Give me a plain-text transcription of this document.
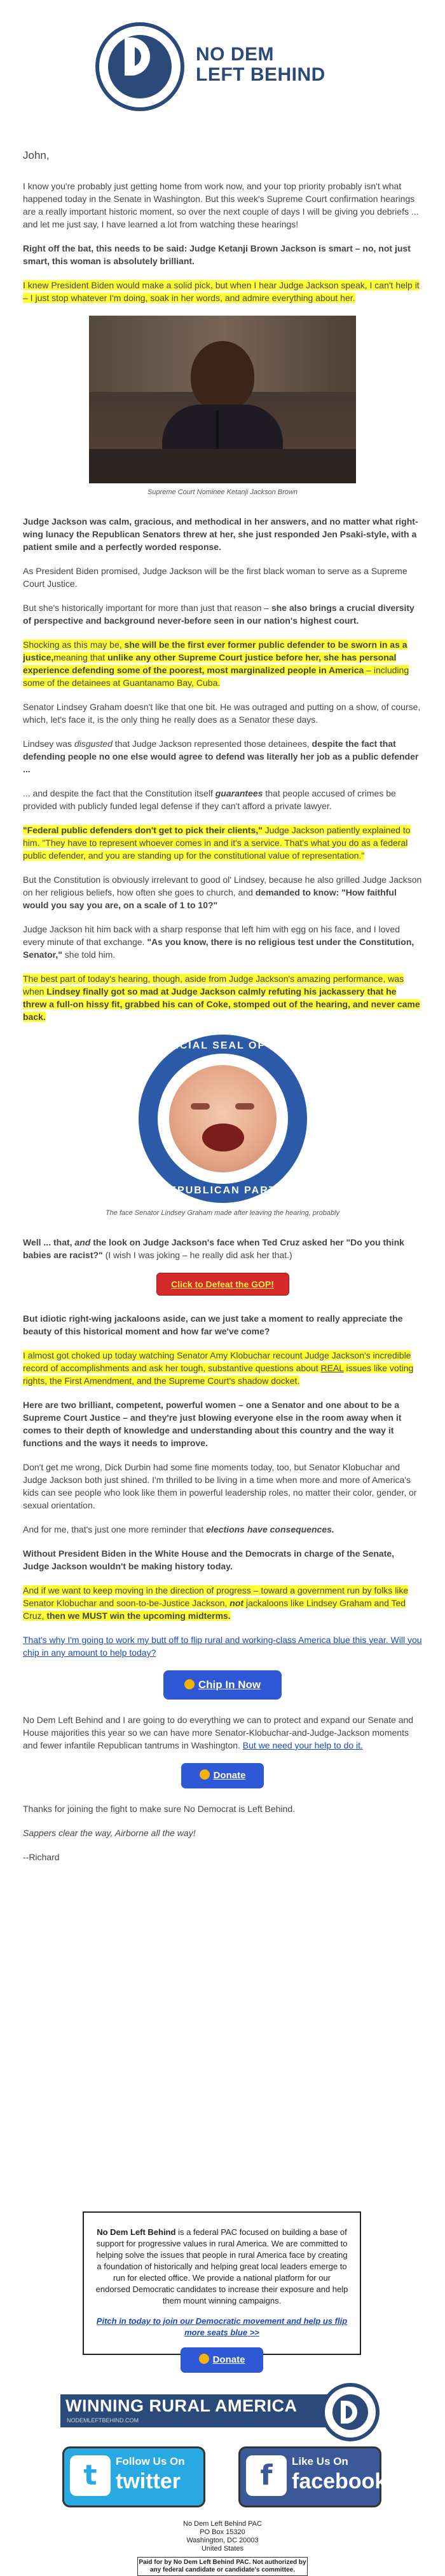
NO DEM
LEFT BEHIND
John,

I know you're probably just getting home from work now, and your top priority probably isn't what happened today in the Senate in Washington. But this week's Supreme Court confirmation hearings are a really important historic moment, so over the next couple of days I will be giving you debriefs ... and let me just say, I have learned a lot from watching these hearings!

Right off the bat, this needs to be said: Judge Ketanji Brown Jackson is smart – no, not just smart, this woman is absolutely brilliant.

I knew President Biden would make a solid pick, but when I hear Judge Jackson speak, I can't help it – I just stop whatever I'm doing, soak in her words, and admire everything about her.

Supreme Court Nominee Ketanji Jackson Brown

Judge Jackson was calm, gracious, and methodical in her answers, and no matter what right-wing lunacy the Republican Senators threw at her, she just responded Jen Psaki-style, with a patient smile and a perfectly worded response.

As President Biden promised, Judge Jackson will be the first black woman to serve as a Supreme Court Justice.

But she's historically important for more than just that reason – she also brings a crucial diversity of perspective and background never-before seen in our nation's highest court.

Shocking as this may be, she will be the first ever former public defender to be sworn in as a justice,meaning that unlike any other Supreme Court justice before her, she has personal experience defending some of the poorest, most marginalized people in America – including some of the detainees at Guantanamo Bay, Cuba.

Senator Lindsey Graham doesn't like that one bit. He was outraged and putting on a show, of course, which, let's face it, is the only thing he really does as a Senator these days.

Lindsey was disgusted that Judge Jackson represented those detainees, despite the fact that defending people no one else would agree to defend was literally her job as a public defender ...

... and despite the fact that the Constitution itself guarantees that people accused of crimes be provided with publicly funded legal defense if they can't afford a private lawyer.

"Federal public defenders don't get to pick their clients," Judge Jackson patiently explained to him. "They have to represent whoever comes in and it's a service. That's what you do as a federal public defender, and you are standing up for the constitutional value of representation."

But the Constitution is obviously irrelevant to good ol' Lindsey, because he also grilled Judge Jackson on her religious beliefs, how often she goes to church, and demanded to know: "How faithful would you say you are, on a scale of 1 to 10?"

Judge Jackson hit him back with a sharp response that left him with egg on his face, and I loved every minute of that exchange. "As you know, there is no religious test under the Constitution, Senator," she told him.

The best part of today's hearing, though, aside from Judge Jackson's amazing performance, was when Lindsey finally got so mad at Judge Jackson calmly refuting his jackassery that he threw a full-on hissy fit, grabbed his can of Coke, stomped out of the hearing, and never came back.

OFFICIAL SEAL OF THE
REPUBLICAN PARTY
The face Senator Lindsey Graham made after leaving the hearing, probably

Well ... that, and the look on Judge Jackson's face when Ted Cruz asked her "Do you think babies are racist?" (I wish I was joking – he really did ask her that.)

Click to Defeat the GOP!

But idiotic right-wing jackaloons aside, can we just take a moment to really appreciate the beauty of this historical moment and how far we've come?

I almost got choked up today watching Senator Amy Klobuchar recount Judge Jackson's incredible record of accomplishments and ask her tough, substantive questions about REAL issues like voting rights, the First Amendment, and the Supreme Court's shadow docket.

Here are two brilliant, competent, powerful women – one a Senator and one about to be a Supreme Court Justice – and they're just blowing everyone else in the room away when it comes to their depth of knowledge and understanding about this country and the way it functions and the ways it needs to improve.

Don't get me wrong, Dick Durbin had some fine moments today, too, but Senator Klobuchar and Judge Jackson both just shined. I'm thrilled to be living in a time when more and more of America's kids can see people who look like them in powerful leadership roles, no matter their color, gender, or sexual orientation.

And for me, that's just one more reminder that elections have consequences.

Without President Biden in the White House and the Democrats in charge of the Senate, Judge Jackson wouldn't be making history today.

And if we want to keep moving in the direction of progress – toward a government run by folks like Senator Klobuchar and soon-to-be-Justice Jackson, not jackaloons like Lindsey Graham and Ted Cruz, then we MUST win the upcoming midterms.

That's why I'm going to work my butt off to flip rural and working-class America blue this year. Will you chip in any amount to help today?

Chip In Now

No Dem Left Behind and I are going to do everything we can to protect and expand our Senate and House majorities this year so we can have more Senator-Klobuchar-and-Judge-Jackson moments and fewer infantile Republican tantrums in Washington. But we need your help to do it.

Donate

Thanks for joining the fight to make sure No Democrat is Left Behind.

Sappers clear the way, Airborne all the way!

--Richard

No Dem Left Behind is a federal PAC focused on building a base of support for progressive values in rural America. We are committed to helping solve the issues that people in rural America face by creating a foundation of historically and helping great local leaders emerge to run for elected office. We provide a national platform for our endorsed Democratic candidates to increase their exposure and help them mount winning campaigns.
Pitch in today to join our Democratic movement and help us flip more seats blue >>
Donate
WINNING RURAL AMERICA
NODEMLEFTBEHIND.COM
t	Follow Us On
twitter	f	Like Us On
facebook
No Dem Left Behind PAC
PO Box 15320
Washington, DC 20003
United States
Paid for by No Dem Left Behind PAC. Not authorized by any federal candidate or candidate's committee.
